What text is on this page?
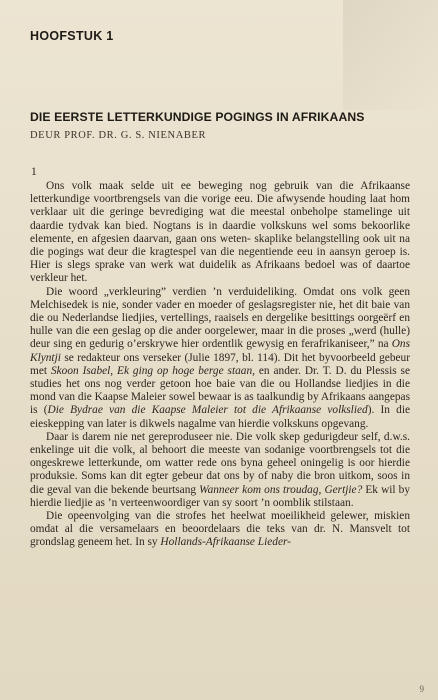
HOOFSTUK 1
DIE EERSTE LETTERKUNDIGE POGINGS IN AFRIKAANS
DEUR PROF. DR. G. S. NIENABER
1

Ons volk maak selde uit ee beweging nog gebruik van die Afrikaanse letterkundige voortbrengsels van die vorige eeu. Die afwysende houding laat hom verklaar uit die geringe bevrediging wat die meestal onbeholpe stamelinge uit daardie tydvak kan bied. Nogtans is in daardie volkskuns wel soms bekoorlike elemente, en afgesien daarvan, gaan ons weten- skaplike belangstelling ook uit na die pogings wat deur die kragtespel van die negentiende eeu in aansyn geroep is. Hier is slegs sprake van werk wat duidelik as Afrikaans bedoel was of daartoe verkleur het.

Die woord „verkleuring” verdien ’n verduideliking. Omdat ons volk geen Melchisedek is nie, sonder vader en moeder of geslagsregister nie, het dit baie van die ou Nederlandse liedjies, vertellings, raaisels en dergelike besittings oorgeërf en hulle van die een geslag op die ander oorgelewer, maar in die proses „werd (hulle) deur sing en gedurig o’erskrywe hier ordentlik gewysig en ferafrikaniseer,” na Ons Klyntji se redakteur ons verseker (Julie 1897, bl. 114). Dit het byvoorbeeld gebeur met Skoon Isabel, Ek ging op hoge berge staan, en ander. Dr. T. D. du Plessis se studies het ons nog verder getoon hoe baie van die ou Hollandse liedjies in die mond van die Kaapse Maleier sowel bewaar is as taalkundig by Afrikaans aangepas is (Die Bydrae van die Kaapse Maleier tot die Afrikaanse volkslied). In die eieskepping van later is dikwels nagalme van hierdie volkskuns opgevang.

Daar is darem nie net gereproduseer nie. Die volk skep gedurigdeur self, d.w.s. enkelinge uit die volk, al behoort die meeste van sodanige voortbrengsels tot die ongeskrewe letterkunde, om watter rede ons byna geheel oningelig is oor hierdie produksie. Soms kan dit egter gebeur dat ons by of naby die bron uitkom, soos in die geval van die bekende beurtsang Wanneer kom ons troudag, Gertjie? Ek wil by hierdie liedjie as ’n verteenwoordiger van sy soort ’n oomblik stilstaan.

Die opeenvolging van die strofes het heelwat moeilikheid gelewer, miskien omdat al die versamelaars en beoordelaars die teks van dr. N. Mansvelt tot grondslag geneem het. In sy Hollands-Afrikaanse Lieder-

9
